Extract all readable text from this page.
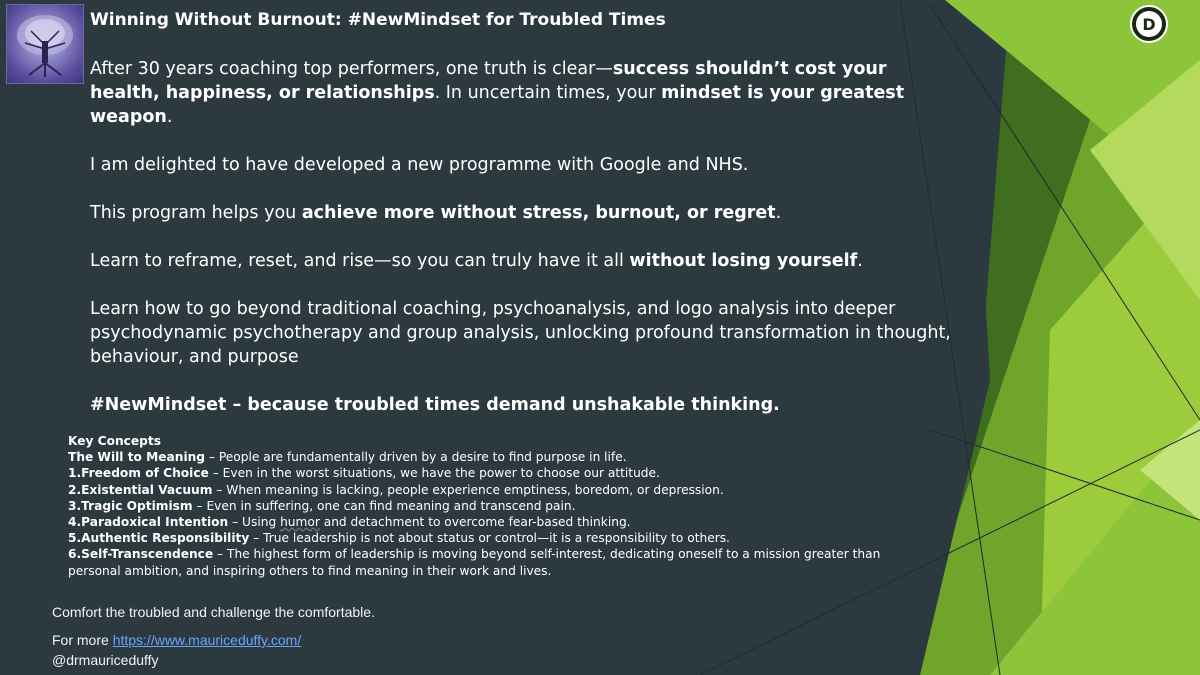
D
Winning Without Burnout: #NewMindset for Troubled Times

After 30 years coaching top performers, one truth is clear—success shouldn’t cost your health, happiness, or relationships. In uncertain times, your mindset is your greatest weapon.

I am delighted to have developed a new programme with Google and NHS.

This program helps you achieve more without stress, burnout, or regret.

Learn to reframe, reset, and rise—so you can truly have it all without losing yourself.

Learn how to go beyond traditional coaching, psychoanalysis, and logo analysis into deeper psychodynamic psychotherapy and group analysis, unlocking profound transformation in thought, behaviour, and purpose

#NewMindset – because troubled times demand unshakable thinking.

Key Concepts
The Will to Meaning – People are fundamentally driven by a desire to find purpose in life.
1.Freedom of Choice – Even in the worst situations, we have the power to choose our attitude.
2.Existential Vacuum – When meaning is lacking, people experience emptiness, boredom, or depression.
3.Tragic Optimism – Even in suffering, one can find meaning and transcend pain.
4.Paradoxical Intention – Using humor and detachment to overcome fear-based thinking.
5.Authentic Responsibility – True leadership is not about status or control—it is a responsibility to others.
6.Self-Transcendence – The highest form of leadership is moving beyond self-interest, dedicating oneself to a mission greater than personal ambition, and inspiring others to find meaning in their work and lives.
Comfort the troubled and challenge the comfortable.
For more https://www.mauriceduffy.com/
@drmauriceduffy
